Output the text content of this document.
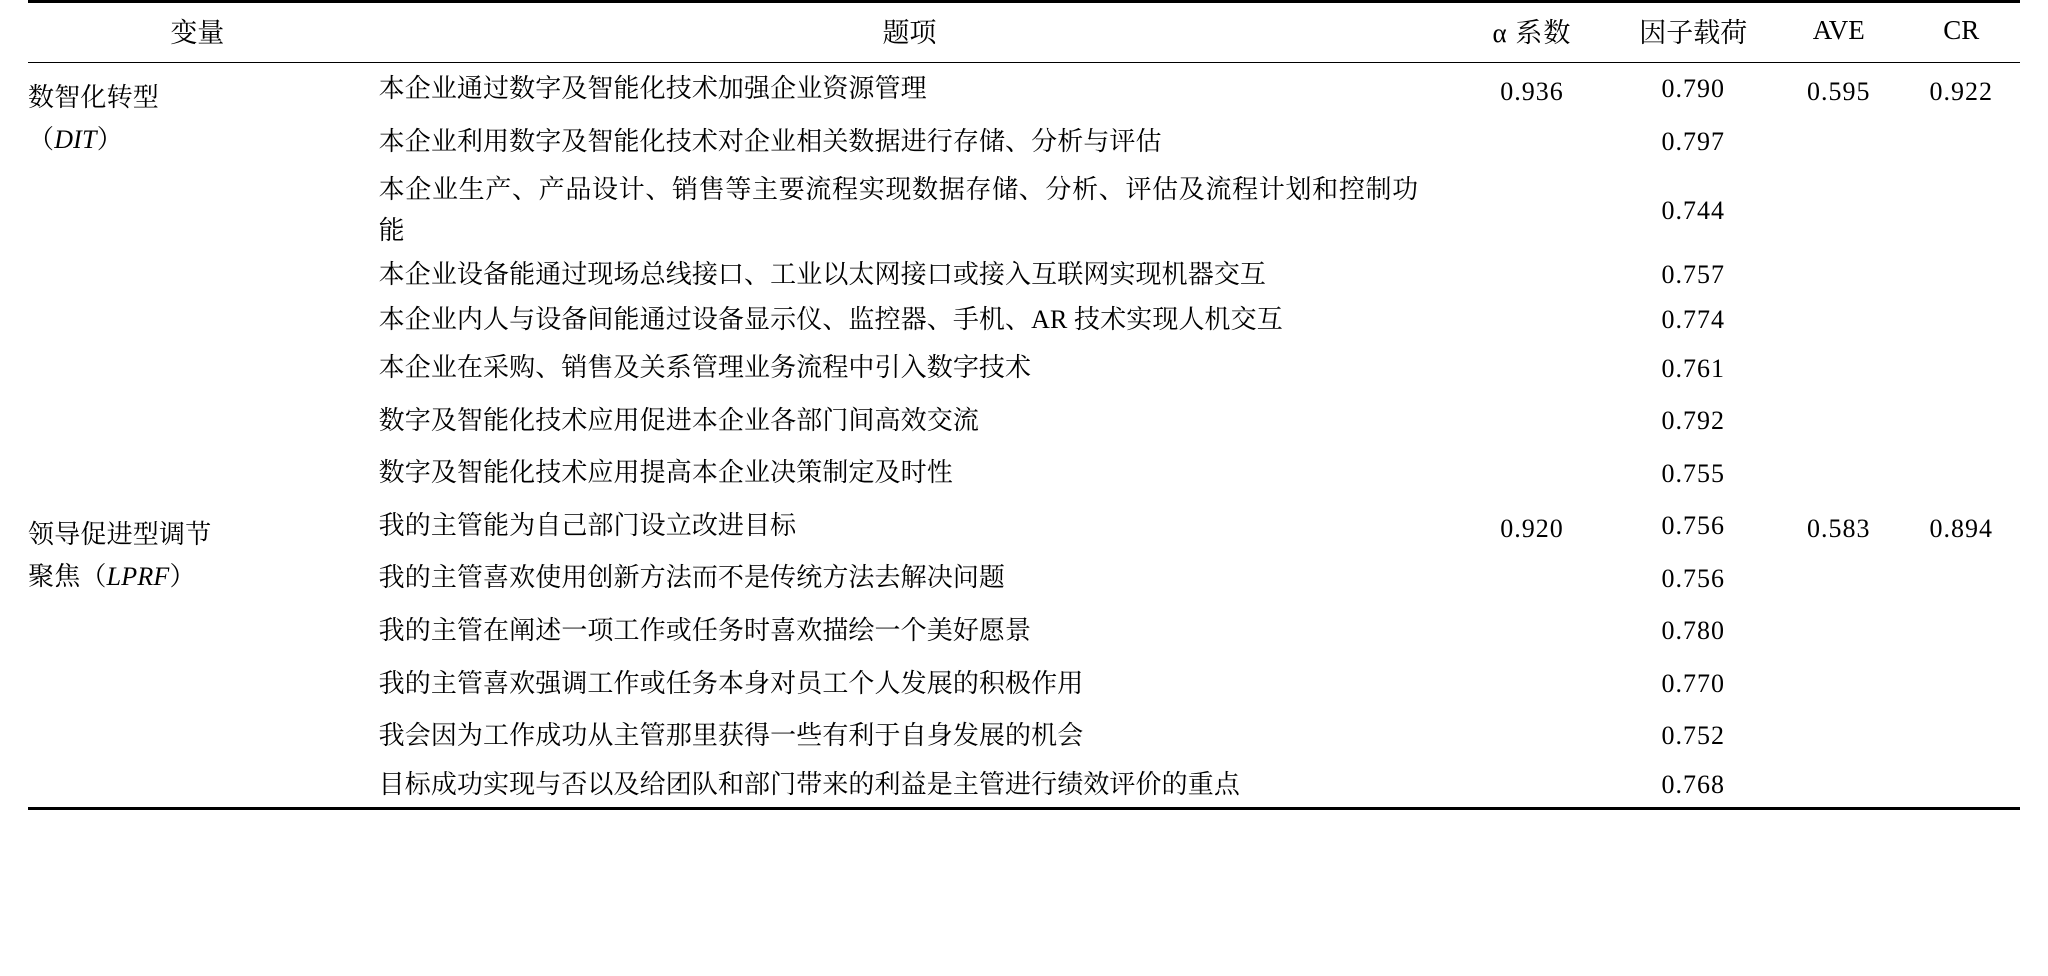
变量	题项	α 系数	因子载荷	AVE	CR
数智化转型
（DIT）	本企业通过数字及智能化技术加强企业资源管理	0.936	0.790	0.595	0.922
	本企业利用数字及智能化技术对企业相关数据进行存储、分析与评估		0.797		
	本企业生产、产品设计、销售等主要流程实现数据存储、分析、评估及流程计划和控制功能		0.744		
	本企业设备能通过现场总线接口、工业以太网接口或接入互联网实现机器交互		0.757		
	本企业内人与设备间能通过设备显示仪、监控器、手机、AR 技术实现人机交互		0.774		
	本企业在采购、销售及关系管理业务流程中引入数字技术		0.761		
	数字及智能化技术应用促进本企业各部门间高效交流		0.792		
	数字及智能化技术应用提高本企业决策制定及时性		0.755		
领导促进型调节
聚焦（LPRF）	我的主管能为自己部门设立改进目标	0.920	0.756	0.583	0.894
	我的主管喜欢使用创新方法而不是传统方法去解决问题		0.756		
	我的主管在阐述一项工作或任务时喜欢描绘一个美好愿景		0.780		
	我的主管喜欢强调工作或任务本身对员工个人发展的积极作用		0.770		
	我会因为工作成功从主管那里获得一些有利于自身发展的机会		0.752		
	目标成功实现与否以及给团队和部门带来的利益是主管进行绩效评价的重点		0.768		
